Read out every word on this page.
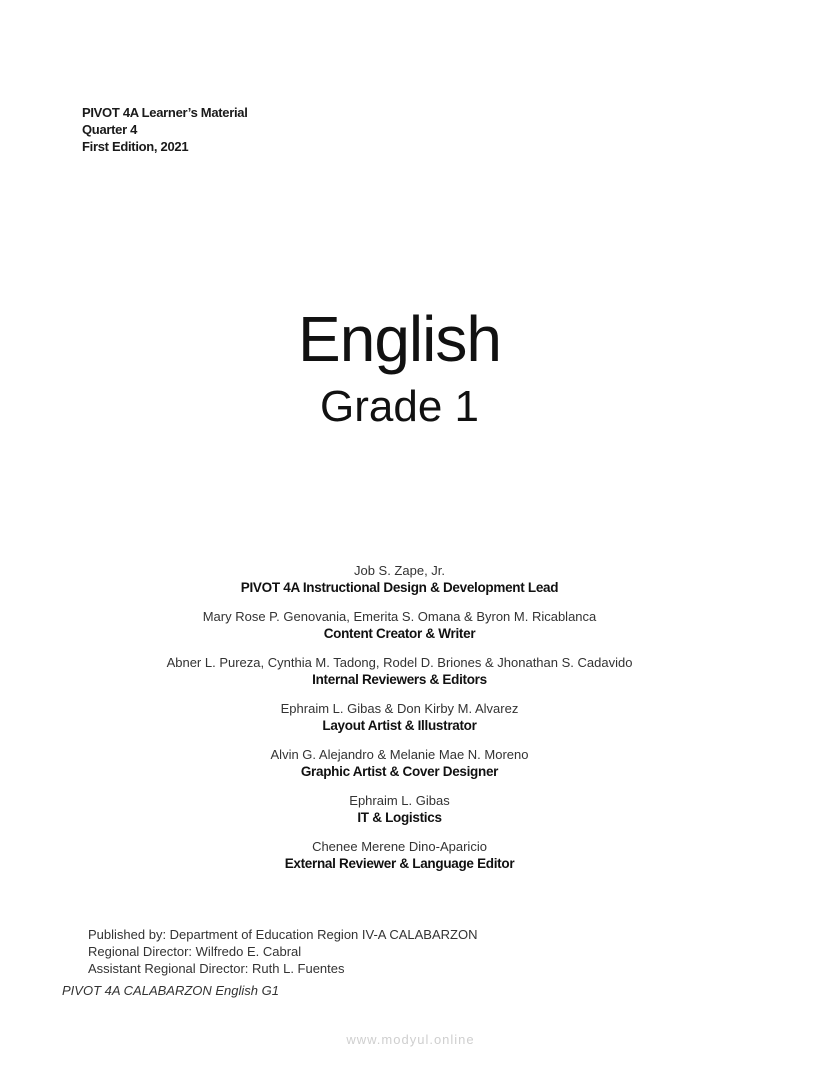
PIVOT 4A Learner’s Material
Quarter 4
First Edition, 2021
English
Grade 1
Job S. Zape, Jr.
PIVOT 4A Instructional Design & Development Lead
Mary Rose P. Genovania, Emerita S. Omana & Byron M. Ricablanca
Content Creator & Writer
Abner L. Pureza, Cynthia M. Tadong, Rodel D. Briones & Jhonathan S. Cadavido
Internal Reviewers & Editors
Ephraim L. Gibas & Don Kirby M. Alvarez
Layout Artist & Illustrator
Alvin G. Alejandro & Melanie Mae N. Moreno
Graphic Artist & Cover Designer
Ephraim L. Gibas
IT & Logistics
Chenee Merene Dino-Aparicio
External Reviewer & Language Editor
Published by: Department of Education Region IV-A CALABARZON
Regional Director: Wilfredo E. Cabral
Assistant Regional Director: Ruth L. Fuentes
PIVOT 4A CALABARZON English G1
www.modyul.online
